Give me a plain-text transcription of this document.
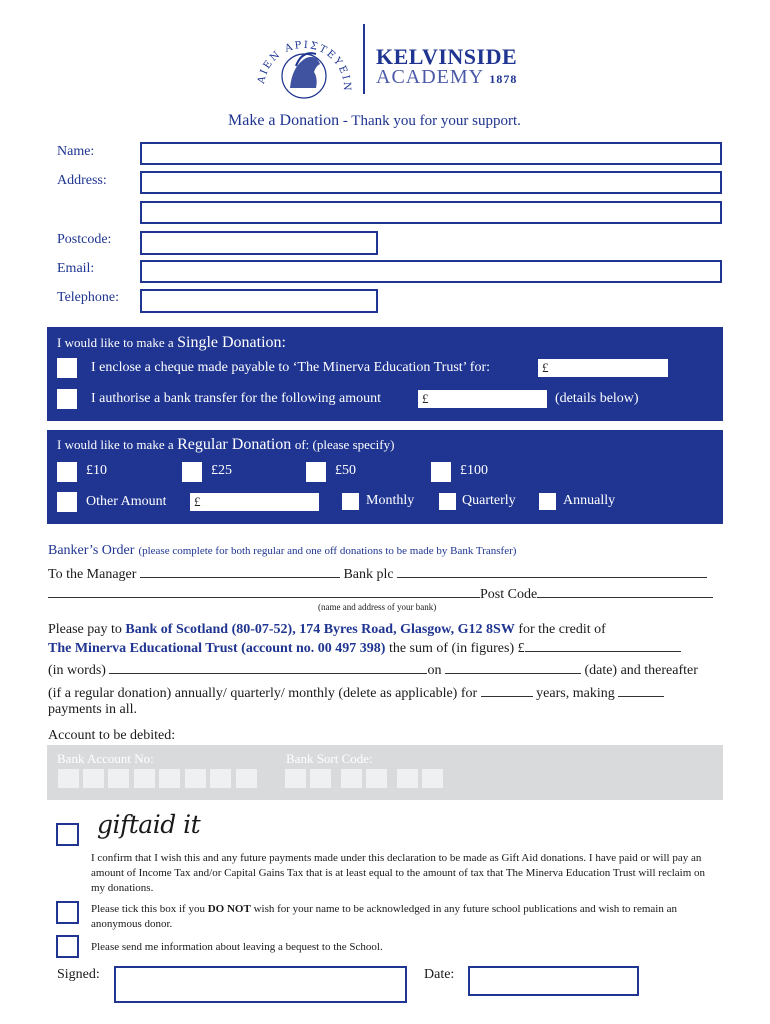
ΑΙΕΝ ΑΡΙΣΤΕΥΕΙΝ
KELVINSIDE
ACADEMY 1878
Make a Donation - Thank you for your support.
Name:
Address:
Postcode:
Email:
Telephone:
I would like to make a Single Donation:
I enclose a cheque made payable to ‘The Minerva Education Trust’ for:	£
I authorise a bank transfer for the following amount	£	(details below)
I would like to make a Regular Donation of: (please specify)
£10	£25	£50	£100
Other Amount	£	Monthly	Quarterly	Annually
Banker’s Order (please complete for both regular and one off donations to be made by Bank Transfer)
To the Manager	Bank plc
Post Code
(name and address of your bank)
Please pay to Bank of Scotland (80-07-52), 174 Byres Road, Glasgow, G12 8SW for the credit of
The Minerva Educational Trust (account no. 00 497 398) the sum of (in figures) £
(in words)	on	(date) and thereafter
(if a regular donation) annually/ quarterly/ monthly (delete as applicable) for	years, making
payments in all.
Account to be debited:
Bank Account No:	Bank Sort Code:
giftaid it
I confirm that I wish this and any future payments made under this declaration to be made as Gift Aid donations. I have paid or will pay an amount of Income Tax and/or Capital Gains Tax that is at least equal to the amount of tax that The Minerva Education Trust will reclaim on my donations.
Please tick this box if you DO NOT wish for your name to be acknowledged in any future school publications and wish to remain an anonymous donor.
Please send me information about leaving a bequest to the School.
Signed:	Date:
